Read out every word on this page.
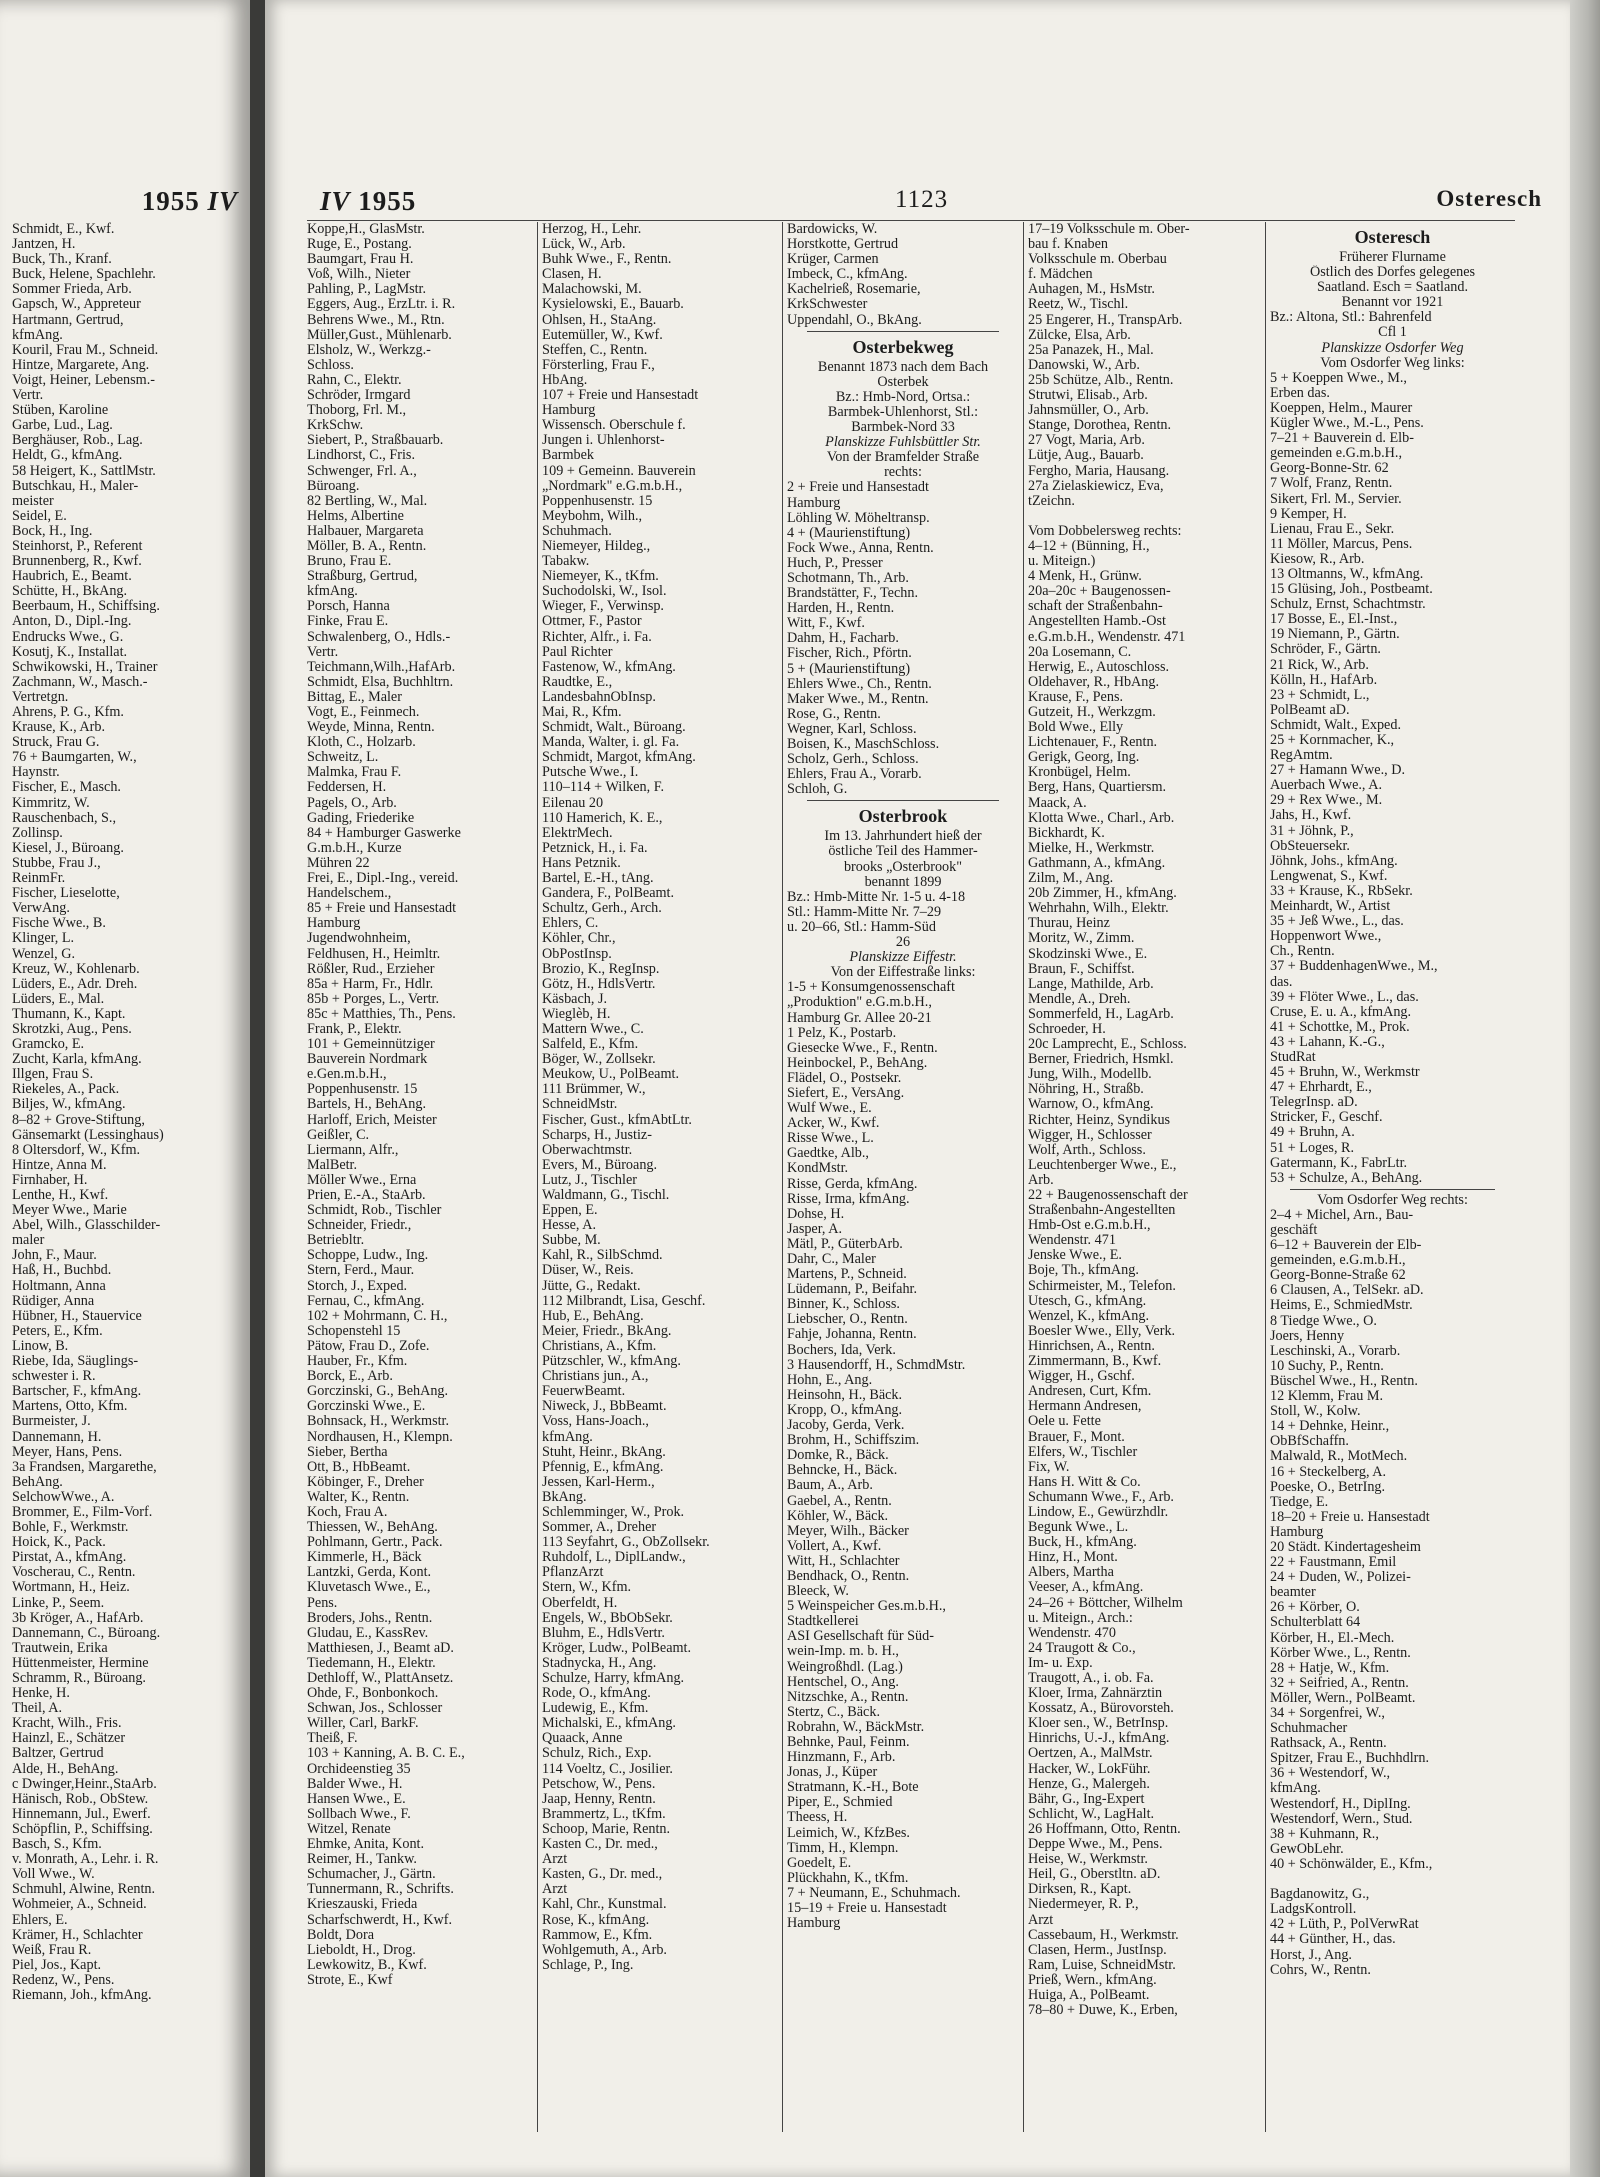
1955 IV
Schmidt, E., Kwf.
Jantzen, H.
Buck, Th., Kranf.
Buck, Helene, Spachlehr.
Sommer Frieda, Arb.
Gapsch, W., Appreteur
Hartmann, Gertrud,
kfmAng.
Kouril, Frau M., Schneid.
Hintze, Margarete, Ang.
Voigt, Heiner, Lebensm.-
Vertr.
Stüben, Karoline
Garbe, Lud., Lag.
Berghäuser, Rob., Lag.
Heldt, G., kfmAng.
58 Heigert, K., SattlMstr.
Butschkau, H., Maler-
meister
Seidel, E.
Bock, H., Ing.
Steinhorst, P., Referent
Brunnenberg, R., Kwf.
Haubrich, E., Beamt.
Schütte, H., BkAng.
Beerbaum, H., Schiffsing.
Anton, D., Dipl.-Ing.
Endrucks Wwe., G.
Kosutj, K., Installat.
Schwikowski, H., Trainer
Zachmann, W., Masch.-
Vertretgn.
Ahrens, P. G., Kfm.
Krause, K., Arb.
Struck, Frau G.
76 + Baumgarten, W.,
Haynstr.
Fischer, E., Masch.
Kimmritz, W.
Rauschenbach, S.,
Zollinsp.
Kiesel, J., Büroang.
Stubbe, Frau J.,
ReinmFr.
Fischer, Lieselotte,
VerwAng.
Fische Wwe., B.
Klinger, L.
Wenzel, G.
Kreuz, W., Kohlenarb.
Lüders, E., Adr. Dreh.
Lüders, E., Mal.
Thumann, K., Kapt.
Skrotzki, Aug., Pens.
Gramcko, E.
Zucht, Karla, kfmAng.
Illgen, Frau S.
Riekeles, A., Pack.
Biljes, W., kfmAng.
8–82 + Grove-Stiftung,
Gänsemarkt (Lessinghaus)
8 Oltersdorf, W., Kfm.
Hintze, Anna M.
Firnhaber, H.
Lenthe, H., Kwf.
Meyer Wwe., Marie
Abel, Wilh., Glasschilder-
maler
John, F., Maur.
Haß, H., Buchbd.
Holtmann, Anna
Rüdiger, Anna
Hübner, H., Stauervice
Peters, E., Kfm.
Linow, B.
Riebe, Ida, Säuglings-
schwester i. R.
Bartscher, F., kfmAng.
Martens, Otto, Kfm.
Burmeister, J.
Dannemann, H.
Meyer, Hans, Pens.
3a Frandsen, Margarethe,
BehAng.
SelchowWwe., A.
Brommer, E., Film-Vorf.
Bohle, F., Werkmstr.
Hoick, K., Pack.
Pirstat, A., kfmAng.
Voscherau, C., Rentn.
Wortmann, H., Heiz.
Linke, P., Seem.
3b Kröger, A., HafArb.
Dannemann, C., Büroang.
Trautwein, Erika
Hüttenmeister, Hermine
Schramm, R., Büroang.
Henke, H.
Theil, A.
Kracht, Wilh., Fris.
Hainzl, E., Schätzer
Baltzer, Gertrud
Alde, H., BehAng.
c Dwinger,Heinr.,StaArb.
Hänisch, Rob., ObStew.
Hinnemann, Jul., Ewerf.
Schöpflin, P., Schiffsing.
Basch, S., Kfm.
v. Monrath, A., Lehr. i. R.
Voll Wwe., W.
Schmuhl, Alwine, Rentn.
Wohmeier, A., Schneid.
Ehlers, E.
Krämer, H., Schlachter
Weiß, Frau R.
Piel, Jos., Kapt.
Redenz, W., Pens.
Riemann, Joh., kfmAng.
IV 1955	1123	Osteresch
Koppe,H., GlasMstr.
Ruge, E., Postang.
Baumgart, Frau H.
Voß, Wilh., Nieter
Pahling, P., LagMstr.
Eggers, Aug., ErzLtr. i. R.
Behrens Wwe., M., Rtn.
Müller,Gust., Mühlenarb.
Elsholz, W., Werkzg.-
Schloss.
Rahn, C., Elektr.
Schröder, Irmgard
Thoborg, Frl. M.,
KrkSchw.
Siebert, P., Straßbauarb.
Lindhorst, C., Fris.
Schwenger, Frl. A.,
Büroang.
82 Bertling, W., Mal.
Helms, Albertine
Halbauer, Margareta
Möller, B. A., Rentn.
Bruno, Frau E.
Straßburg, Gertrud,
kfmAng.
Porsch, Hanna
Finke, Frau E.
Schwalenberg, O., Hdls.-
Vertr.
Teichmann,Wilh.,HafArb.
Schmidt, Elsa, Buchhltrn.
Bittag, E., Maler
Vogt, E., Feinmech.
Weyde, Minna, Rentn.
Kloth, C., Holzarb.
Schweitz, L.
Malmka, Frau F.
Feddersen, H.
Pagels, O., Arb.
Gading, Friederike
84 + Hamburger Gaswerke
G.m.b.H., Kurze
Mühren 22
Frei, E., Dipl.-Ing., vereid.
Handelschem.,
85 + Freie und Hansestadt
Hamburg
Jugendwohnheim,
Feldhusen, H., Heimltr.
Rößler, Rud., Erzieher
85a + Harm, Fr., Hdlr.
85b + Porges, L., Vertr.
85c + Matthies, Th., Pens.
Frank, P., Elektr.
101 + Gemeinnütziger
Bauverein Nordmark
e.Gen.m.b.H.,
Poppenhusenstr. 15
Bartels, H., BehAng.
Harloff, Erich, Meister
Geißler, C.
Liermann, Alfr.,
MalBetr.
Möller Wwe., Erna
Prien, E.-A., StaArb.
Schmidt, Rob., Tischler
Schneider, Friedr.,
Betriebltr.
Schoppe, Ludw., Ing.
Stern, Ferd., Maur.
Storch, J., Exped.
Fernau, C., kfmAng.
102 + Mohrmann, C. H.,
Schopenstehl 15
Pätow, Frau D., Zofe.
Hauber, Fr., Kfm.
Borck, E., Arb.
Gorczinski, G., BehAng.
Gorczinski Wwe., E.
Bohnsack, H., Werkmstr.
Nordhausen, H., Klempn.
Sieber, Bertha
Ott, B., HbBeamt.
Köbinger, F., Dreher
Walter, K., Rentn.
Koch, Frau A.
Thiessen, W., BehAng.
Pohlmann, Gertr., Pack.
Kimmerle, H., Bäck
Lantzki, Gerda, Kont.
Kluvetasch Wwe., E.,
Pens.
Broders, Johs., Rentn.
Gludau, E., KassRev.
Matthiesen, J., Beamt aD.
Tiedemann, H., Elektr.
Dethloff, W., PlattAnsetz.
Ohde, F., Bonbonkoch.
Schwan, Jos., Schlosser
Willer, Carl, BarkF.
Theiß, F.
103 + Kanning, A. B. C. E.,
Orchideenstieg 35
Balder Wwe., H.
Hansen Wwe., E.
Sollbach Wwe., F.
Witzel, Renate
Ehmke, Anita, Kont.
Reimer, H., Tankw.
Schumacher, J., Gärtn.
Tunnermann, R., Schrifts.
Krieszauski, Frieda
Scharfschwerdt, H., Kwf.
Boldt, Dora
Lieboldt, H., Drog.
Lewkowitz, B., Kwf.
Strote, E., Kwf
Herzog, H., Lehr.
Lück, W., Arb.
Buhk Wwe., F., Rentn.
Clasen, H.
Malachowski, M.
Kysielowski, E., Bauarb.
Ohlsen, H., StaAng.
Eutemüller, W., Kwf.
Steffen, C., Rentn.
Försterling, Frau F.,
HbAng.
107 + Freie und Hansestadt
Hamburg
Wissensch. Oberschule f.
Jungen i. Uhlenhorst-
Barmbek
109 + Gemeinn. Bauverein
„Nordmark" e.G.m.b.H.,
Poppenhusenstr. 15
Meybohm, Wilh.,
Schuhmach.
Niemeyer, Hildeg.,
Tabakw.
Niemeyer, K., tKfm.
Suchodolski, W., Isol.
Wieger, F., Verwinsp.
Ottmer, F., Pastor
Richter, Alfr., i. Fa.
Paul Richter
Fastenow, W., kfmAng.
Raudtke, E.,
LandesbahnObInsp.
Mai, R., Kfm.
Schmidt, Walt., Büroang.
Manda, Walter, i. gl. Fa.
Schmidt, Margot, kfmAng.
Putsche Wwe., I.
110–114 + Wilken, F.
Eilenau 20
110 Hamerich, K. E.,
ElektrMech.
Petznick, H., i. Fa.
Hans Petznik.
Bartel, E.-H., tAng.
Gandera, F., PolBeamt.
Schultz, Gerh., Arch.
Ehlers, C.
Köhler, Chr.,
ObPostInsp.
Brozio, K., RegInsp.
Götz, H., HdlsVertr.
Käsbach, J.
Wieglèb, H.
Mattern Wwe., C.
Salfeld, E., Kfm.
Böger, W., Zollsekr.
Meukow, U., PolBeamt.
111 Brümmer, W.,
SchneidMstr.
Fischer, Gust., kfmAbtLtr.
Scharps, H., Justiz-
Oberwachtmstr.
Evers, M., Büroang.
Lutz, J., Tischler
Waldmann, G., Tischl.
Eppen, E.
Hesse, A.
Subbe, M.
Kahl, R., SilbSchmd.
Düser, W., Reis.
Jütte, G., Redakt.
112 Milbrandt, Lisa, Geschf.
Hub, E., BehAng.
Meier, Friedr., BkAng.
Christians, A., Kfm.
Pützschler, W., kfmAng.
Christians jun., A.,
FeuerwBeamt.
Niweck, J., BbBeamt.
Voss, Hans-Joach.,
kfmAng.
Stuht, Heinr., BkAng.
Pfennig, E., kfmAng.
Jessen, Karl-Herm.,
BkAng.
Schlemminger, W., Prok.
Sommer, A., Dreher
113 Seyfahrt, G., ObZollsekr.
Ruhdolf, L., DiplLandw.,
PflanzArzt
Stern, W., Kfm.
Oberfeldt, H.
Engels, W., BbObSekr.
Bluhm, E., HdlsVertr.
Kröger, Ludw., PolBeamt.
Stadnycka, H., Ang.
Schulze, Harry, kfmAng.
Rode, O., kfmAng.
Ludewig, E., Kfm.
Michalski, E., kfmAng.
Quaack, Anne
Schulz, Rich., Exp.
114 Voeltz, C., Josilier.
Petschow, W., Pens.
Jaap, Henny, Rentn.
Brammertz, L., tKfm.
Schoop, Marie, Rentn.
Kasten C., Dr. med.,
Arzt
Kasten, G., Dr. med.,
Arzt
Kahl, Chr., Kunstmal.
Rose, K., kfmAng.
Rammow, E., Kfm.
Wohlgemuth, A., Arb.
Schlage, P., Ing.
Bardowicks, W.
Horstkotte, Gertrud
Krüger, Carmen
Imbeck, C., kfmAng.
Kachelrieß, Rosemarie,
KrkSchwester
Uppendahl, O., BkAng.
Osterbekweg
Benannt 1873 nach dem Bach
Osterbek
Bz.: Hmb-Nord, Ortsa.:
Barmbek-Uhlenhorst, Stl.:
Barmbek-Nord 33
Planskizze Fuhlsbüttler Str.
Von der Bramfelder Straße
rechts:
2 + Freie und Hansestadt
Hamburg
Löhling W. Möheltransp.
4 + (Maurienstiftung)
Fock Wwe., Anna, Rentn.
Huch, P., Presser
Schotmann, Th., Arb.
Brandstätter, F., Techn.
Harden, H., Rentn.
Witt, F., Kwf.
Dahm, H., Facharb.
Fischer, Rich., Pförtn.
5 + (Maurienstiftung)
Ehlers Wwe., Ch., Rentn.
Maker Wwe., M., Rentn.
Rose, G., Rentn.
Wegner, Karl, Schloss.
Boisen, K., MaschSchloss.
Scholz, Gerh., Schloss.
Ehlers, Frau A., Vorarb.
Schloh, G.
Osterbrook
Im 13. Jahrhundert hieß der
östliche Teil des Hammer-
brooks „Osterbrook"
benannt 1899
Bz.: Hmb-Mitte Nr. 1-5 u. 4-18
Stl.: Hamm-Mitte Nr. 7–29
u. 20–66, Stl.: Hamm-Süd
26
Planskizze Eiffestr.
Von der Eiffestraße links:
1-5 + Konsumgenossenschaft
„Produktion" e.G.m.b.H.,
Hamburg Gr. Allee 20-21
1 Pelz, K., Postarb.
Giesecke Wwe., F., Rentn.
Heinbockel, P., BehAng.
Flädel, O., Postsekr.
Siefert, E., VersAng.
Wulf Wwe., E.
Acker, W., Kwf.
Risse Wwe., L.
Gaedtke, Alb.,
KondMstr.
Risse, Gerda, kfmAng.
Risse, Irma, kfmAng.
Dohse, H.
Jasper, A.
Mätl, P., GüterbArb.
Dahr, C., Maler
Martens, P., Schneid.
Lüdemann, P., Beifahr.
Binner, K., Schloss.
Liebscher, O., Rentn.
Fahje, Johanna, Rentn.
Bochers, Ida, Verk.
3 Hausendorff, H., SchmdMstr.
Hohn, E., Ang.
Heinsohn, H., Bäck.
Kropp, O., kfmAng.
Jacoby, Gerda, Verk.
Brohm, H., Schiffszim.
Domke, R., Bäck.
Behncke, H., Bäck.
Baum, A., Arb.
Gaebel, A., Rentn.
Köhler, W., Bäck.
Meyer, Wilh., Bäcker
Vollert, A., Kwf.
Witt, H., Schlachter
Bendhack, O., Rentn.
Bleeck, W.
5 Weinspeicher Ges.m.b.H.,
Stadtkellerei
ASI Gesellschaft für Süd-
wein-Imp. m. b. H.,
Weingroßhdl. (Lag.)
Hentschel, O., Ang.
Nitzschke, A., Rentn.
Stertz, C., Bäck.
Robrahn, W., BäckMstr.
Behnke, Paul, Feinm.
Hinzmann, F., Arb.
Jonas, J., Küper
Stratmann, K.-H., Bote
Piper, E., Schmied
Theess, H.
Leimich, W., KfzBes.
Timm, H., Klempn.
Goedelt, E.
Plückhahn, K., tKfm.
7 + Neumann, E., Schuhmach.
15–19 + Freie u. Hansestadt
Hamburg
17–19 Volksschule m. Ober-
bau f. Knaben
Volksschule m. Oberbau
f. Mädchen
Auhagen, M., HsMstr.
Reetz, W., Tischl.
25 Engerer, H., TranspArb.
Zülcke, Elsa, Arb.
25a Panazek, H., Mal.
Danowski, W., Arb.
25b Schütze, Alb., Rentn.
Strutwi, Elisab., Arb.
Jahnsmüller, O., Arb.
Stange, Dorothea, Rentn.
27 Vogt, Maria, Arb.
Lütje, Aug., Bauarb.
Fergho, Maria, Hausang.
27a Zielaskiewicz, Eva,
tZeichn.

Vom Dobbelersweg rechts:
4–12 + (Bünning, H.,
u. Miteign.)
4 Menk, H., Grünw.
20a–20c + Baugenossen-
schaft der Straßenbahn-
Angestellten Hamb.-Ost
e.G.m.b.H., Wendenstr. 471
20a Losemann, C.
Herwig, E., Autoschloss.
Oldehaver, R., HbAng.
Krause, F., Pens.
Gutzeit, H., Werkzgm.
Bold Wwe., Elly
Lichtenauer, F., Rentn.
Gerigk, Georg, Ing.
Kronbügel, Helm.
Berg, Hans, Quartiersm.
Maack, A.
Klotta Wwe., Charl., Arb.
Bickhardt, K.
Mielke, H., Werkmstr.
Gathmann, A., kfmAng.
Zilm, M., Ang.
20b Zimmer, H., kfmAng.
Wehrhahn, Wilh., Elektr.
Thurau, Heinz
Moritz, W., Zimm.
Skodzinski Wwe., E.
Braun, F., Schiffst.
Lange, Mathilde, Arb.
Mendle, A., Dreh.
Sommerfeld, H., LagArb.
Schroeder, H.
20c Lamprecht, E., Schloss.
Berner, Friedrich, Hsmkl.
Jung, Wilh., Modellb.
Nöhring, H., Straßb.
Warnow, O., kfmAng.
Richter, Heinz, Syndikus
Wigger, H., Schlosser
Wolf, Arth., Schloss.
Leuchtenberger Wwe., E.,
Arb.
22 + Baugenossenschaft der
Straßenbahn-Angestellten
Hmb-Ost e.G.m.b.H.,
Wendenstr. 471
Jenske Wwe., E.
Boje, Th., kfmAng.
Schirmeister, M., Telefon.
Utesch, G., kfmAng.
Wenzel, K., kfmAng.
Boesler Wwe., Elly, Verk.
Hinrichsen, A., Rentn.
Zimmermann, B., Kwf.
Wigger, H., Gschf.
Andresen, Curt, Kfm.
Hermann Andresen,
Oele u. Fette
Brauer, F., Mont.
Elfers, W., Tischler
Fix, W.
Hans H. Witt & Co.
Schumann Wwe., F., Arb.
Lindow, E., Gewürzhdlr.
Begunk Wwe., L.
Buck, H., kfmAng.
Hinz, H., Mont.
Albers, Martha
Veeser, A., kfmAng.
24–26 + Böttcher, Wilhelm
u. Miteign., Arch.:
Wendenstr. 470
24 Traugott & Co.,
Im- u. Exp.
Traugott, A., i. ob. Fa.
Kloer, Irma, Zahnärztin
Kossatz, A., Bürovorsteh.
Kloer sen., W., BetrInsp.
Hinrichs, U.-J., kfmAng.
Oertzen, A., MalMstr.
Hacker, W., LokFühr.
Henze, G., Malergeh.
Bähr, G., Ing-Expert
Schlicht, W., LagHalt.
26 Hoffmann, Otto, Rentn.
Deppe Wwe., M., Pens.
Heise, W., Werkmstr.
Heil, G., Oberstltn. aD.
Dirksen, R., Kapt.
Niedermeyer, R. P.,
Arzt
Cassebaum, H., Werkmstr.
Clasen, Herm., JustInsp.
Ram, Luise, SchneidMstr.
Prieß, Wern., kfmAng.
Huiga, A., PolBeamt.
78–80 + Duwe, K., Erben,
Osteresch
Früherer Flurname
Östlich des Dorfes gelegenes
Saatland. Esch = Saatland.
Benannt vor 1921
Bz.: Altona, Stl.: Bahrenfeld
Cfl 1
Planskizze Osdorfer Weg
Vom Osdorfer Weg links:
5 + Koeppen Wwe., M.,
Erben das.
Koeppen, Helm., Maurer
Kügler Wwe., M.-L., Pens.
7–21 + Bauverein d. Elb-
gemeinden e.G.m.b.H.,
Georg-Bonne-Str. 62
7 Wolf, Franz, Rentn.
Sikert, Frl. M., Servier.
9 Kemper, H.
Lienau, Frau E., Sekr.
11 Möller, Marcus, Pens.
Kiesow, R., Arb.
13 Oltmanns, W., kfmAng.
15 Glüsing, Joh., Postbeamt.
Schulz, Ernst, Schachtmstr.
17 Bosse, E., El.-Inst.,
19 Niemann, P., Gärtn.
Schröder, F., Gärtn.
21 Rick, W., Arb.
Kölln, H., HafArb.
23 + Schmidt, L.,
PolBeamt aD.
Schmidt, Walt., Exped.
25 + Kornmacher, K.,
RegAmtm.
27 + Hamann Wwe., D.
Auerbach Wwe., A.
29 + Rex Wwe., M.
Jahs, H., Kwf.
31 + Jöhnk, P.,
ObSteuersekr.
Jöhnk, Johs., kfmAng.
Lengwenat, S., Kwf.
33 + Krause, K., RbSekr.
Meinhardt, W., Artist
35 + Jeß Wwe., L., das.
Hoppenwort Wwe.,
Ch., Rentn.
37 + BuddenhagenWwe., M.,
das.
39 + Flöter Wwe., L., das.
Cruse, E. u. A., kfmAng.
41 + Schottke, M., Prok.
43 + Lahann, K.-G.,
StudRat
45 + Bruhn, W., Werkmstr
47 + Ehrhardt, E.,
TelegrInsp. aD.
Stricker, F., Geschf.
49 + Bruhn, A.
51 + Loges, R.
Gatermann, K., FabrLtr.
53 + Schulze, A., BehAng.
Vom Osdorfer Weg rechts:
2–4 + Michel, Arn., Bau-
geschäft
6–12 + Bauverein der Elb-
gemeinden, e.G.m.b.H.,
Georg-Bonne-Straße 62
6 Clausen, A., TelSekr. aD.
Heims, E., SchmiedMstr.
8 Tiedge Wwe., O.
Joers, Henny
Leschinski, A., Vorarb.
10 Suchy, P., Rentn.
Büschel Wwe., H., Rentn.
12 Klemm, Frau M.
Stoll, W., Kolw.
14 + Dehnke, Heinr.,
ObBfSchaffn.
Malwald, R., MotMech.
16 + Steckelberg, A.
Poeske, O., BetrIng.
Tiedge, E.
18–20 + Freie u. Hansestadt
Hamburg
20 Städt. Kindertagesheim
22 + Faustmann, Emil
24 + Duden, W., Polizei-
beamter
26 + Körber, O.
Schulterblatt 64
Körber, H., El.-Mech.
Körber Wwe., L., Rentn.
28 + Hatje, W., Kfm.
32 + Seifried, A., Rentn.
Möller, Wern., PolBeamt.
34 + Sorgenfrei, W.,
Schuhmacher
Rathsack, A., Rentn.
Spitzer, Frau E., Buchhdlrn.
36 + Westendorf, W.,
kfmAng.
Westendorf, H., DiplIng.
Westendorf, Wern., Stud.
38 + Kuhmann, R.,
GewObLehr.
40 + Schönwälder, E., Kfm.,

Bagdanowitz, G.,
LadgsKontroll.
42 + Lüth, P., PolVerwRat
44 + Günther, H., das.
Horst, J., Ang.
Cohrs, W., Rentn.
